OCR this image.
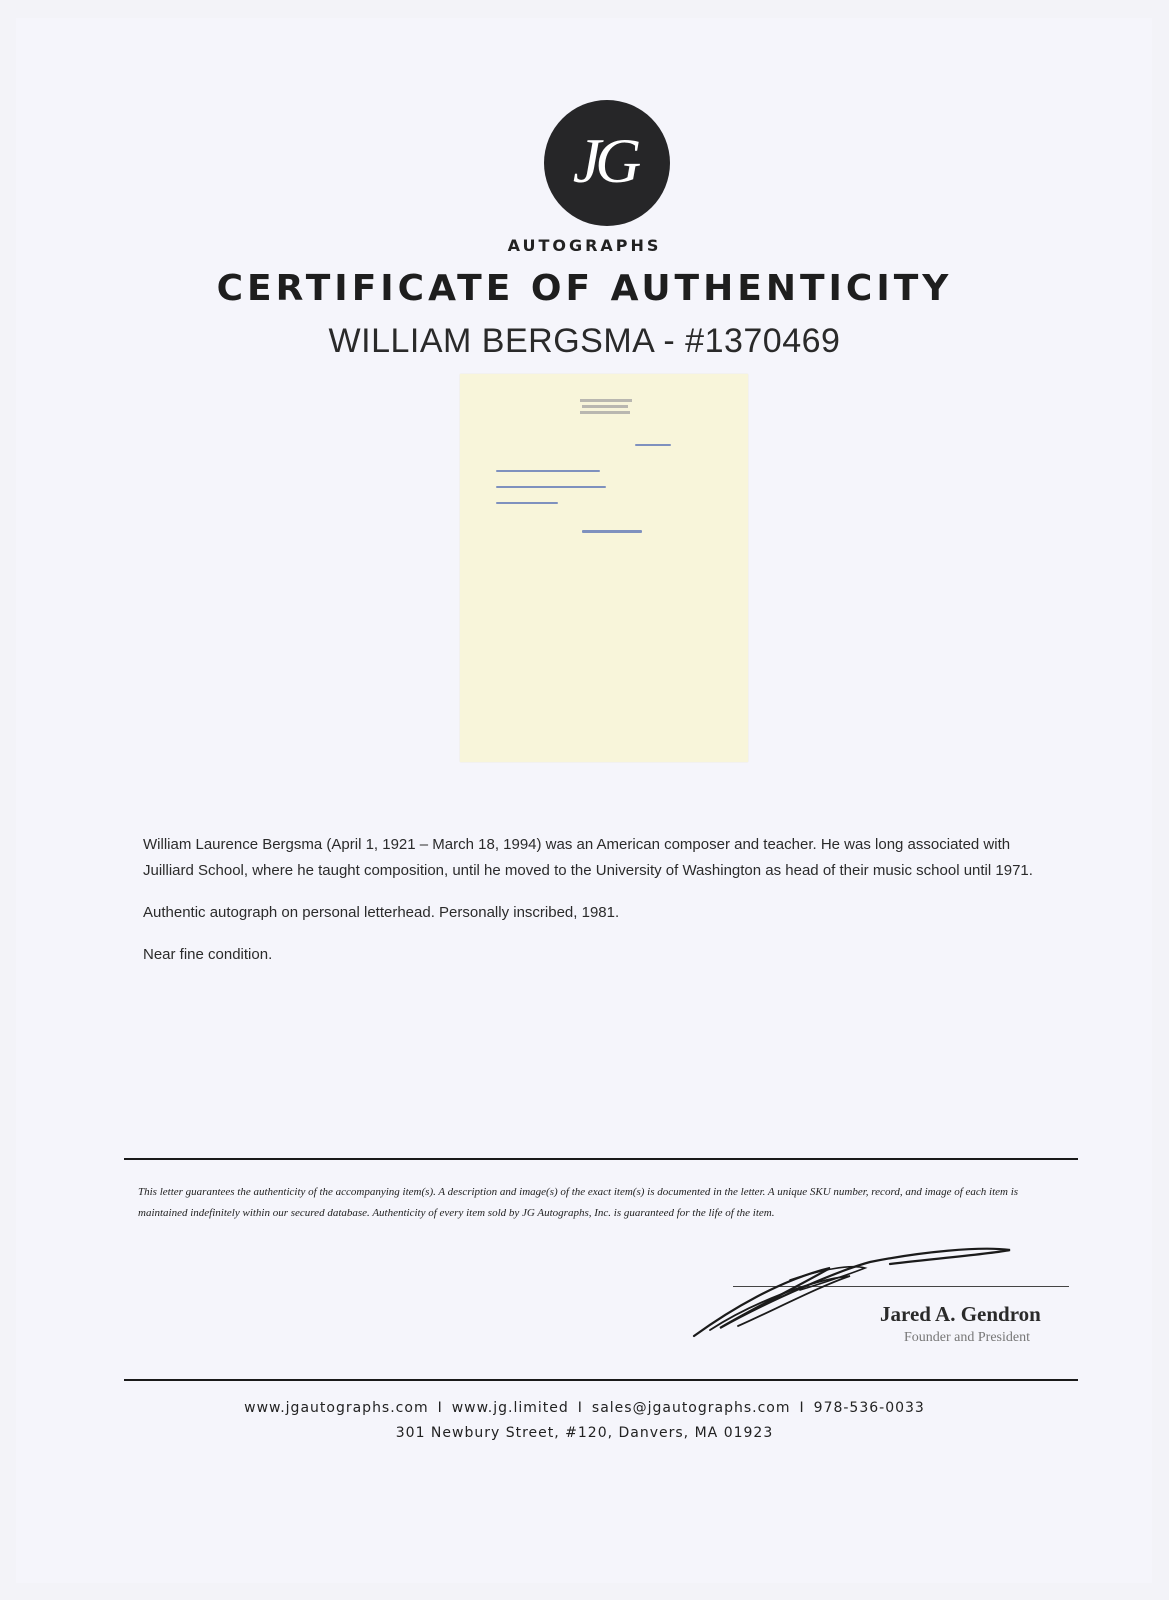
JG
AUTOGRAPHS
CERTIFICATE OF AUTHENTICITY
WILLIAM BERGSMA - #1370469

William Laurence Bergsma (April 1, 1921 – March 18, 1994) was an American composer and teacher. He was long associated with Juilliard School, where he taught composition, until he moved to the University of Washington as head of their music school until 1971.

Authentic autograph on personal letterhead. Personally inscribed, 1981.

Near fine condition.

This letter guarantees the authenticity of the accompanying item(s). A description and image(s) of the exact item(s) is documented in the letter. A unique SKU number, record, and image of each item is maintained indefinitely within our secured database. Authenticity of every item sold by JG Autographs, Inc. is guaranteed for the life of the item.
Jared A. Gendron
Founder and President
www.jgautographs.com I www.jg.limited I sales@jgautographs.com I 978-536-0033
301 Newbury Street, #120, Danvers, MA 01923
